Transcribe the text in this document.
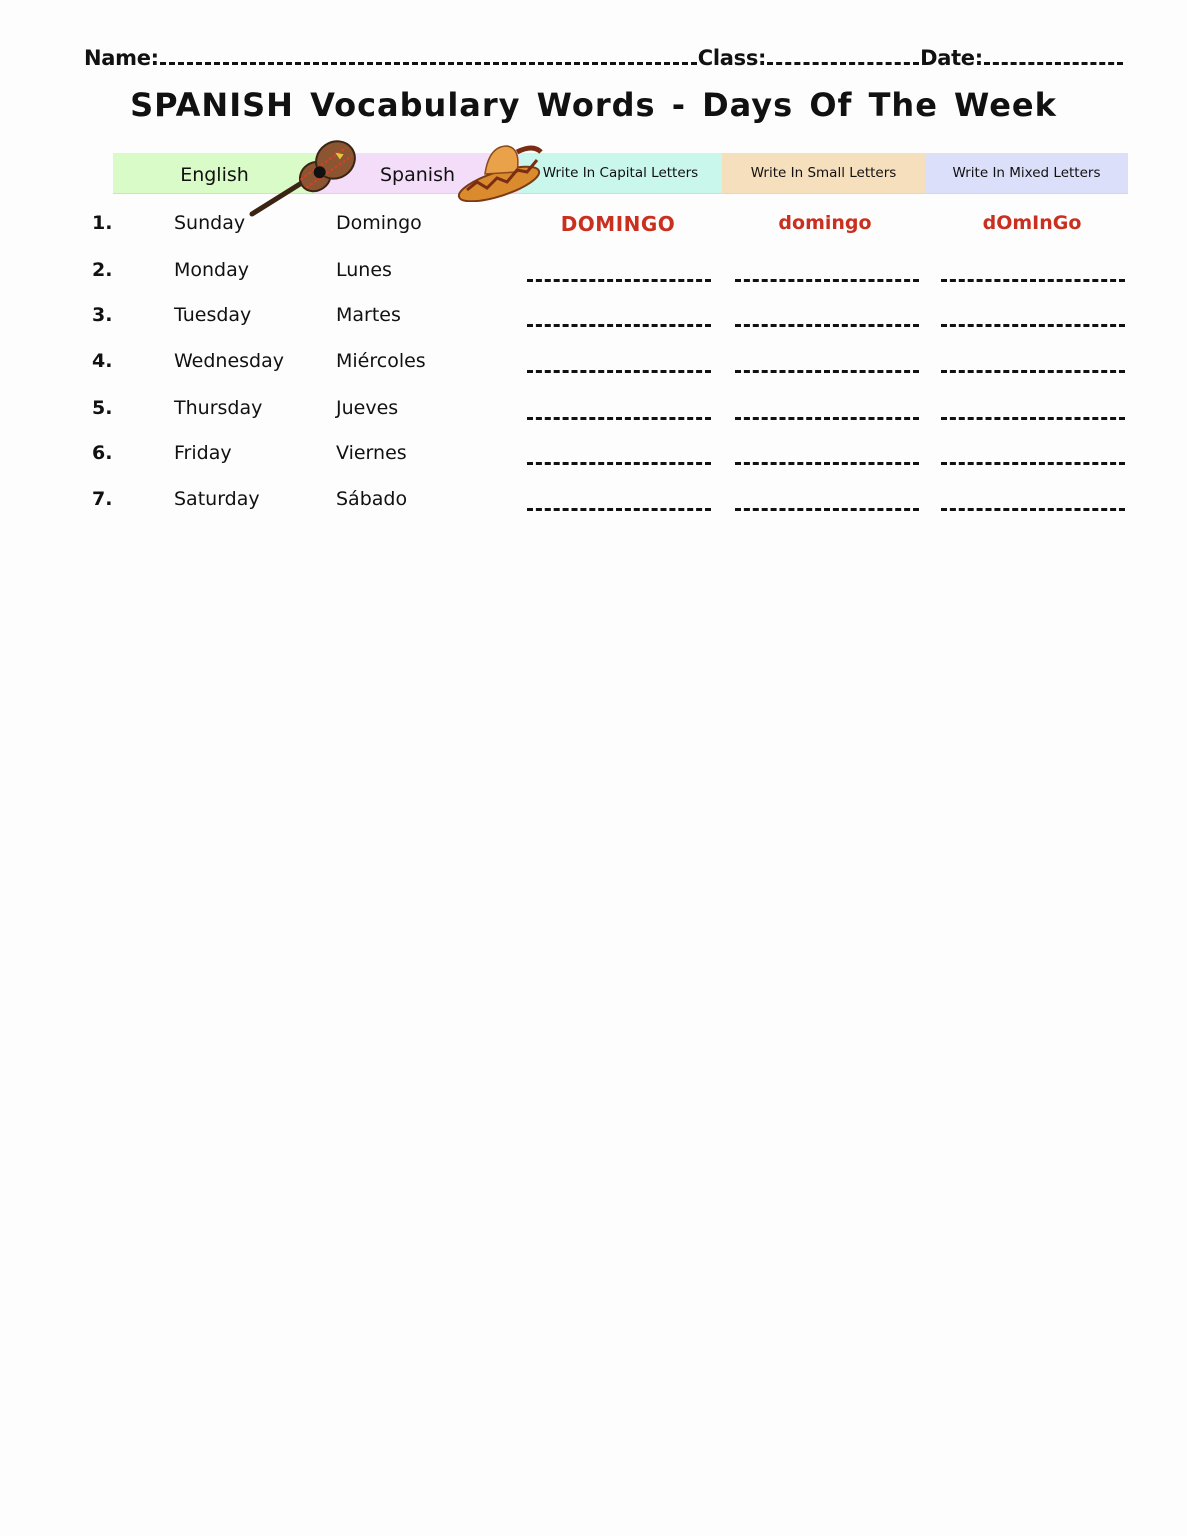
Name:	Class:	Date:
SPANISH Vocabulary Words - Days Of The Week
English	Spanish	Write In Capital Letters	Write In Small Letters	Write In Mixed Letters
1.	Sunday	Domingo	DOMINGO	domingo	dOmInGo
2.	Monday	Lunes
3.	Tuesday	Martes
4.	Wednesday	Miércoles
5.	Thursday	Jueves
6.	Friday	Viernes
7.	Saturday	Sábado
